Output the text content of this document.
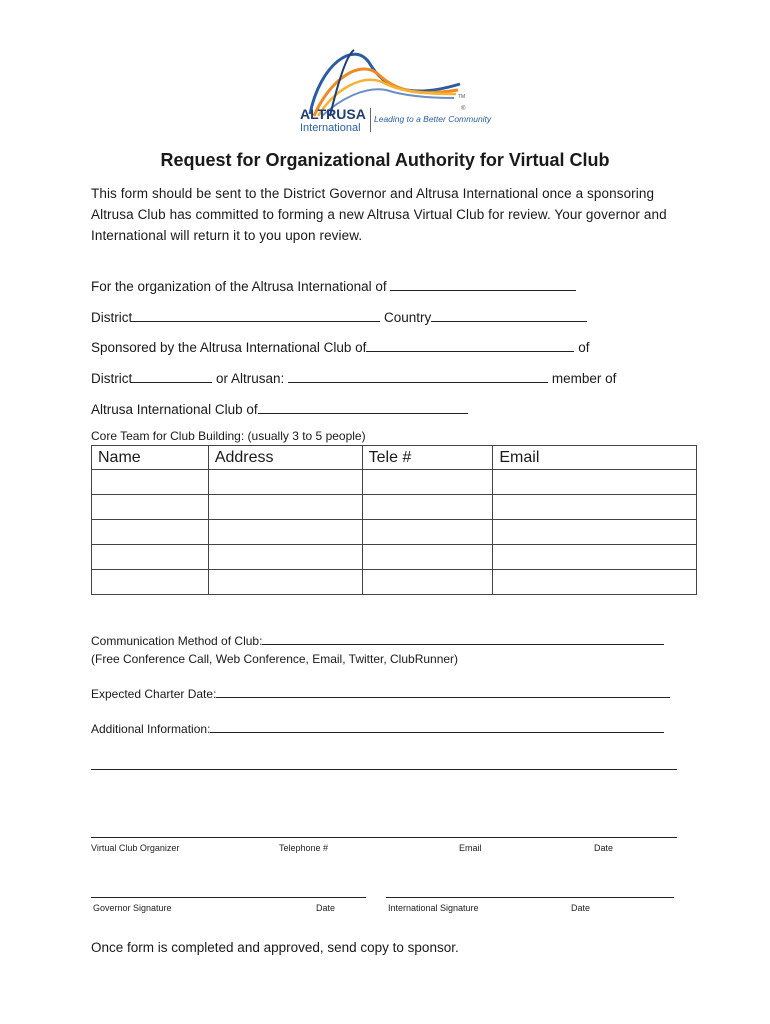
ALTRUSA
International
Leading to a Better Community
®
TM
Request for Organizational Authority for Virtual Club
This form should be sent to the District Governor and Altrusa International once a sponsoring Altrusa Club has committed to forming a new Altrusa Virtual Club for review. Your governor and International will return it to you upon review.
For the organization of the Altrusa International of
District	Country
Sponsored by the Altrusa International Club of	of
District	or Altrusan:	member of
Altrusa International Club of
Core Team for Club Building: (usually 3 to 5 people)
Name	Address	Tele #	Email

Communication Method of Club:
(Free Conference Call, Web Conference, Email, Twitter, ClubRunner)
Expected Charter Date:
Additional Information:
Virtual Club Organizer	Telephone #	Email	Date
Governor Signature	Date	International Signature	Date
Once form is completed and approved, send copy to sponsor.
